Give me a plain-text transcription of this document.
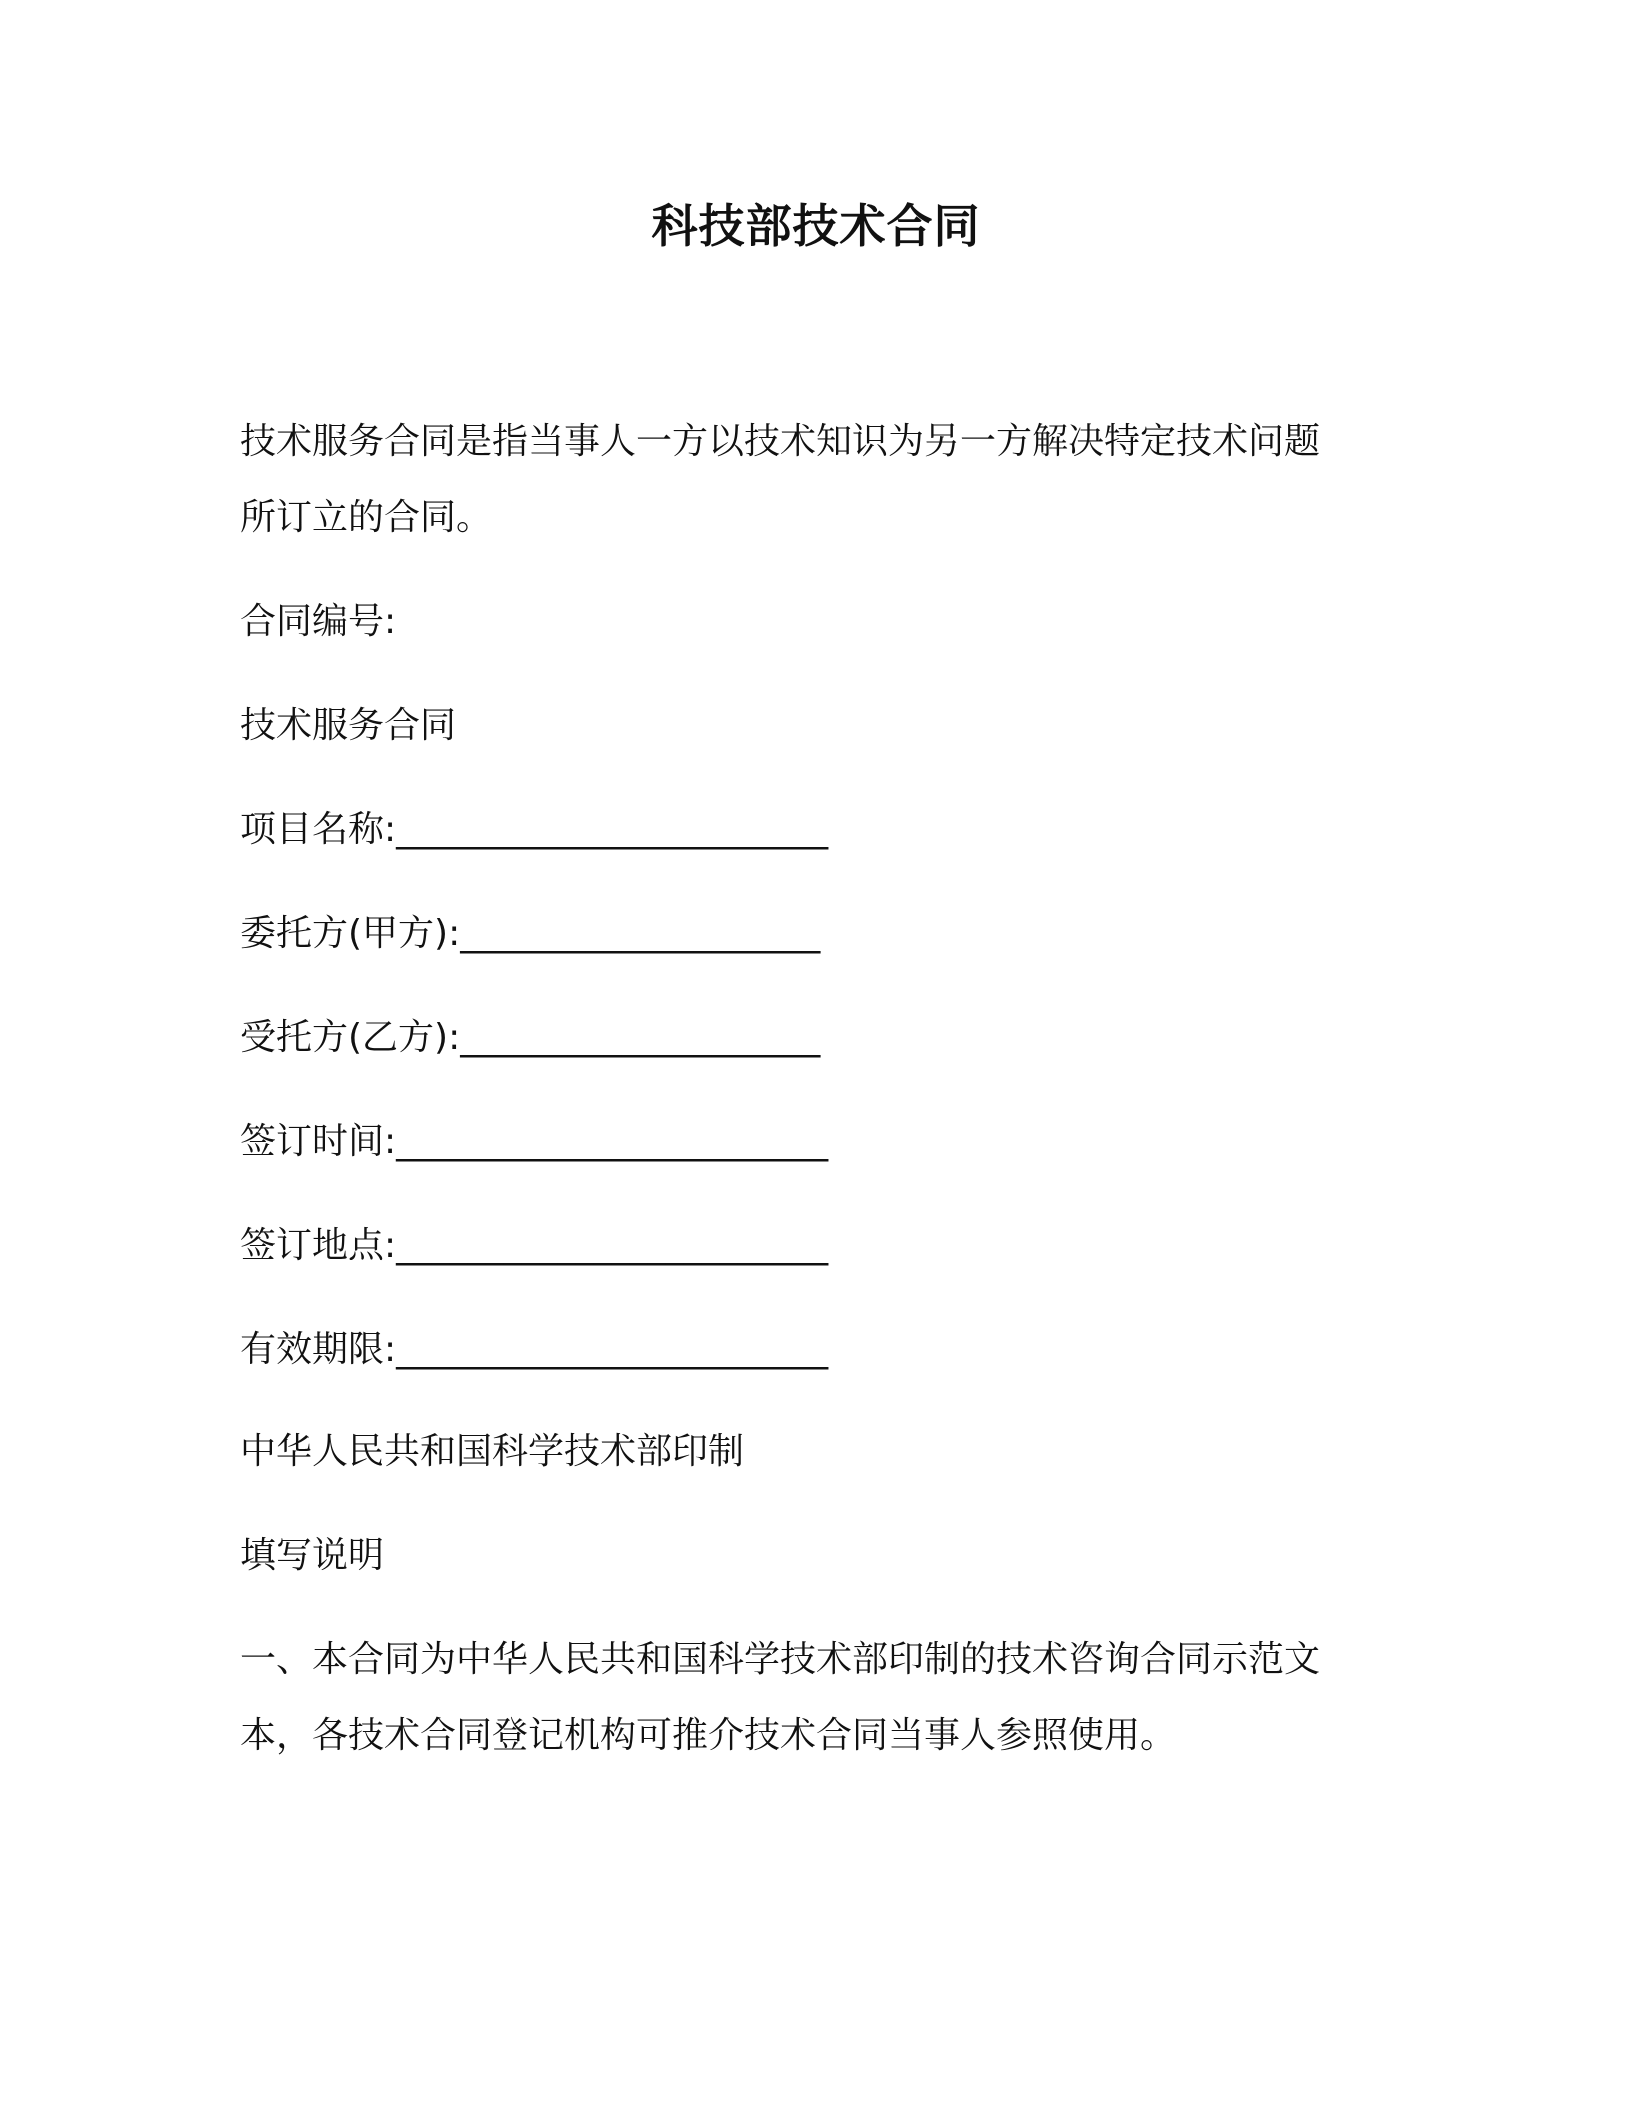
科技部技术合同
技术服务合同是指当事人一方以技术知识为另一方解决特定技术问题
所订立的合同。
合同编号:
技术服务合同
项目名称:________________________
委托方(甲方):____________________
受托方(乙方):____________________
签订时间:________________________
签订地点:________________________
有效期限:________________________
中华人民共和国科学技术部印制
填写说明
一、本合同为中华人民共和国科学技术部印制的技术咨询合同示范文
本，各技术合同登记机构可推介技术合同当事人参照使用。
